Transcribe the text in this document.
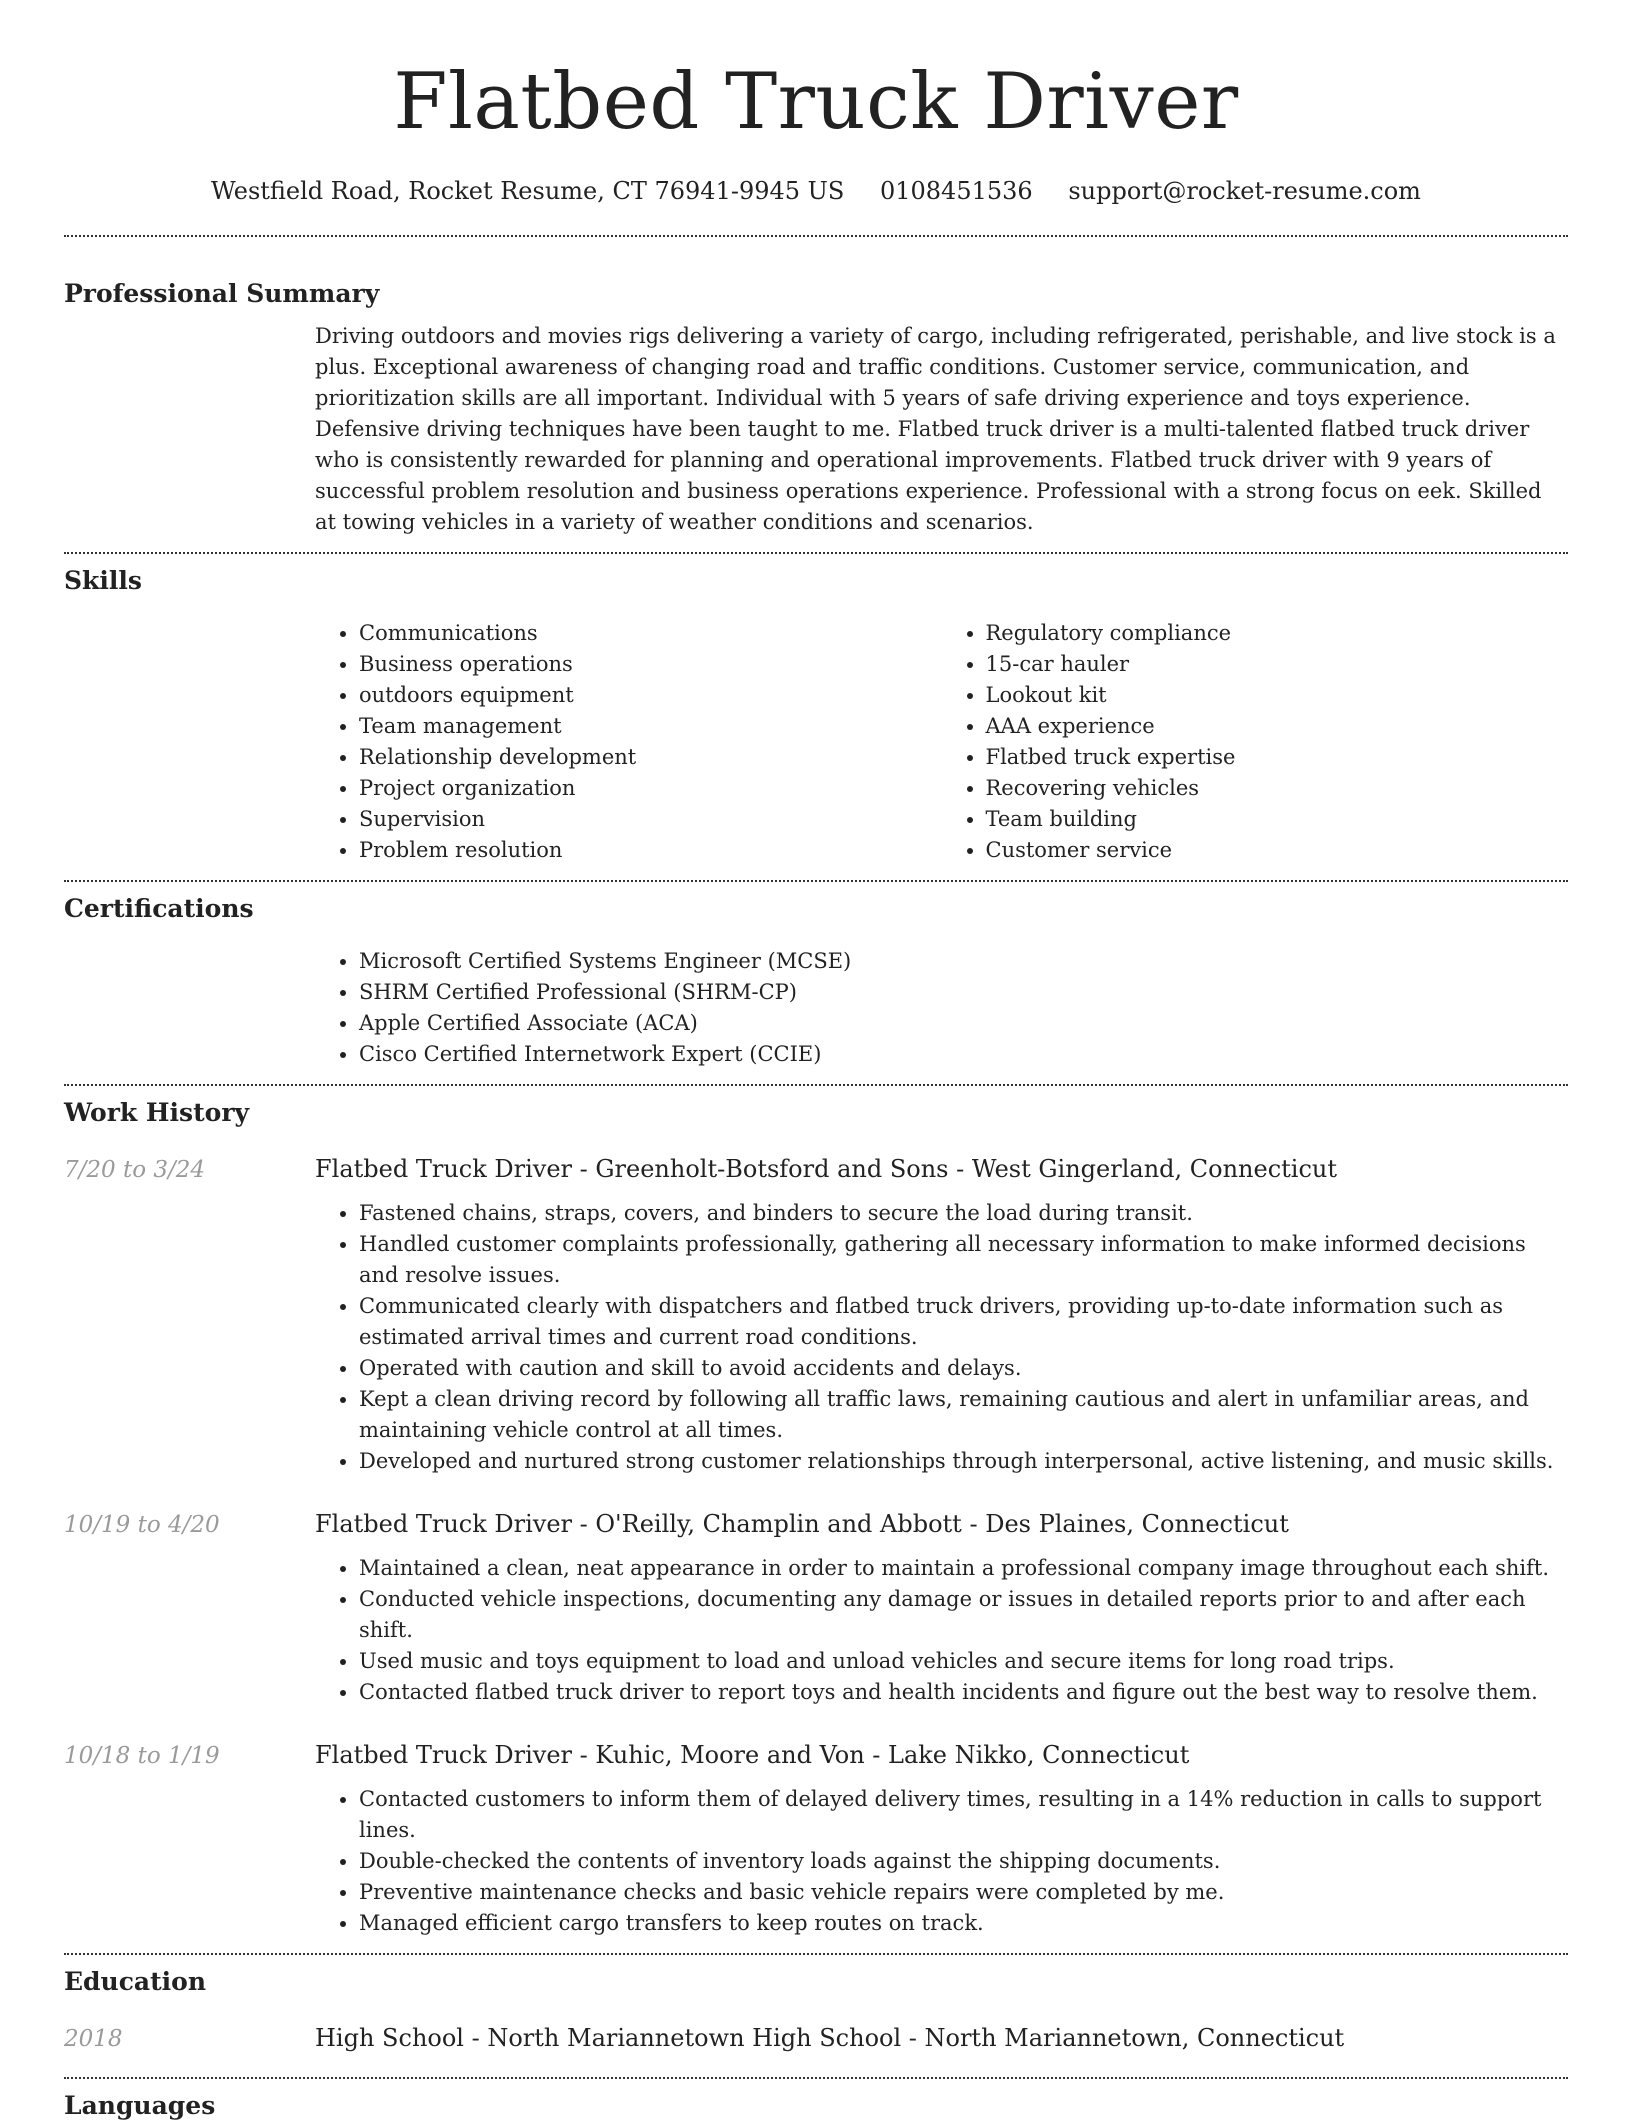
Flatbed Truck Driver
Westfield Road, Rocket Resume, CT 76941-9945 US 0108451536 support@rocket-resume.com
Professional Summary

Driving outdoors and movies rigs delivering a variety of cargo, including refrigerated, perishable, and live stock is a plus. Exceptional awareness of changing road and traffic conditions. Customer service, communication, and prioritization skills are all important. Individual with 5 years of safe driving experience and toys experience. Defensive driving techniques have been taught to me. Flatbed truck driver is a multi-talented flatbed truck driver who is consistently rewarded for planning and operational improvements. Flatbed truck driver with 9 years of successful problem resolution and business operations experience. Professional with a strong focus on eek. Skilled at towing vehicles in a variety of weather conditions and scenarios.

Skills
• Communications
• Business operations
• outdoors equipment
• Team management
• Relationship development
• Project organization
• Supervision
• Problem resolution
• Regulatory compliance
• 15-car hauler
• Lookout kit
• AAA experience
• Flatbed truck expertise
• Recovering vehicles
• Team building
• Customer service
Certifications
• Microsoft Certified Systems Engineer (MCSE)
• SHRM Certified Professional (SHRM-CP)
• Apple Certified Associate (ACA)
• Cisco Certified Internetwork Expert (CCIE)
Work History
7/20 to 3/24	Flatbed Truck Driver - Greenholt-Botsford and Sons - West Gingerland, Connecticut
• Fastened chains, straps, covers, and binders to secure the load during transit.
• Handled customer complaints professionally, gathering all necessary information to make informed decisions and resolve issues.
• Communicated clearly with dispatchers and flatbed truck drivers, providing up-to-date information such as estimated arrival times and current road conditions.
• Operated with caution and skill to avoid accidents and delays.
• Kept a clean driving record by following all traffic laws, remaining cautious and alert in unfamiliar areas, and maintaining vehicle control at all times.
• Developed and nurtured strong customer relationships through interpersonal, active listening, and music skills.
10/19 to 4/20	Flatbed Truck Driver - O'Reilly, Champlin and Abbott - Des Plaines, Connecticut
• Maintained a clean, neat appearance in order to maintain a professional company image throughout each shift.
• Conducted vehicle inspections, documenting any damage or issues in detailed reports prior to and after each shift.
• Used music and toys equipment to load and unload vehicles and secure items for long road trips.
• Contacted flatbed truck driver to report toys and health incidents and figure out the best way to resolve them.
10/18 to 1/19	Flatbed Truck Driver - Kuhic, Moore and Von - Lake Nikko, Connecticut
• Contacted customers to inform them of delayed delivery times, resulting in a 14% reduction in calls to support lines.
• Double-checked the contents of inventory loads against the shipping documents.
• Preventive maintenance checks and basic vehicle repairs were completed by me.
• Managed efficient cargo transfers to keep routes on track.
Education
2018	High School - North Mariannetown High School - North Mariannetown, Connecticut
Languages
